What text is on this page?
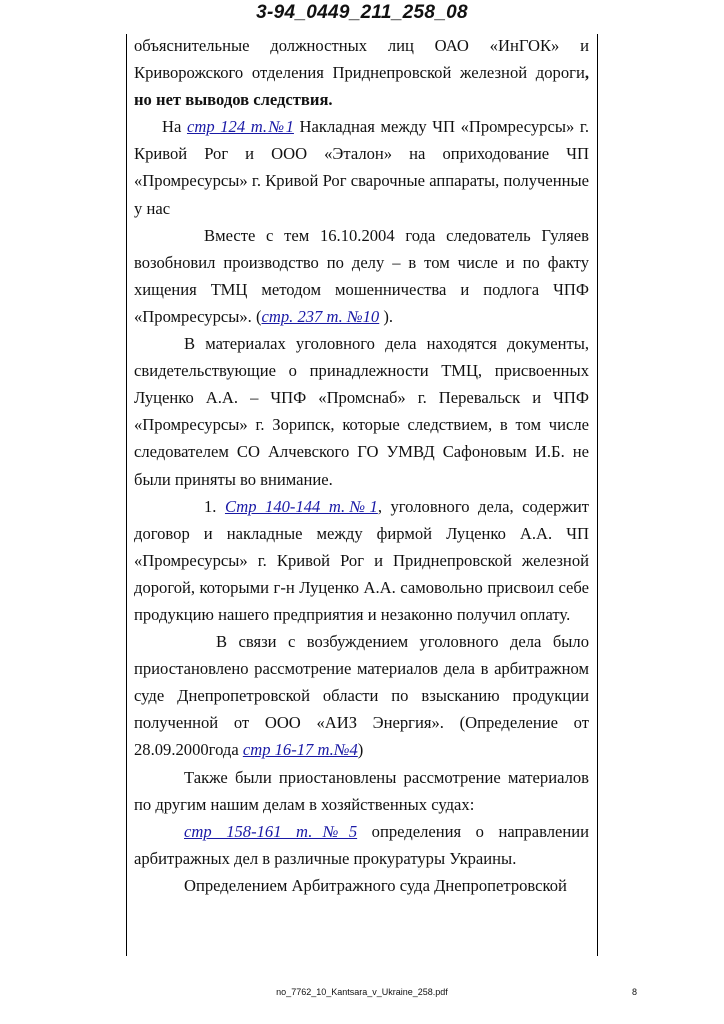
3-94_0449_211_258_08

объяснительные должностных лиц ОАО «ИнГОК» и Криворожского отделения Приднепровской железной дороги, но нет выводов следствия.

На стр 124 т.№1 Накладная между ЧП «Промресурсы» г. Кривой Рог и ООО «Эталон» на оприходование ЧП «Промресурсы» г. Кривой Рог сварочные аппараты, полученные у нас

Вместе с тем 16.10.2004 года следователь Гуляев возобновил производство по делу – в том числе и по факту хищения ТМЦ методом мошенничества и подлога ЧПФ «Промресурсы». (стр. 237 т. №10 ).

В материалах уголовного дела находятся документы, свидетельствующие о принадлежности ТМЦ, присвоенных Луценко А.А. – ЧПФ «Промснаб» г. Перевальск и ЧПФ «Промресурсы» г. Зорипск, которые следствием, в том числе следователем СО Алчевского ГО УМВД Сафоновым И.Б. не были приняты во внимание.

1. Стр 140-144 т.№1, уголовного дела, содержит договор и накладные между фирмой Луценко А.А. ЧП «Промресурсы» г. Кривой Рог и Приднепровской железной дорогой, которыми г-н Луценко А.А. самовольно присвоил себе продукцию нашего предприятия и незаконно получил оплату.

В связи с возбуждением уголовного дела было приостановлено рассмотрение материалов дела в арбитражном суде Днепропетровской области по взысканию продукции полученной от ООО «АИЗ Энергия». (Определение от 28.09.2000года стр 16-17 т.№4)

Также были приостановлены рассмотрение материалов по другим нашим делам в хозяйственных судах:

стр 158-161 т.№5 определения о направлении арбитражных дел в различные прокуратуры Украины.

Определением Арбитражного суда Днепропетровской

no_7762_10_Kantsara_v_Ukraine_258.pdf	8
